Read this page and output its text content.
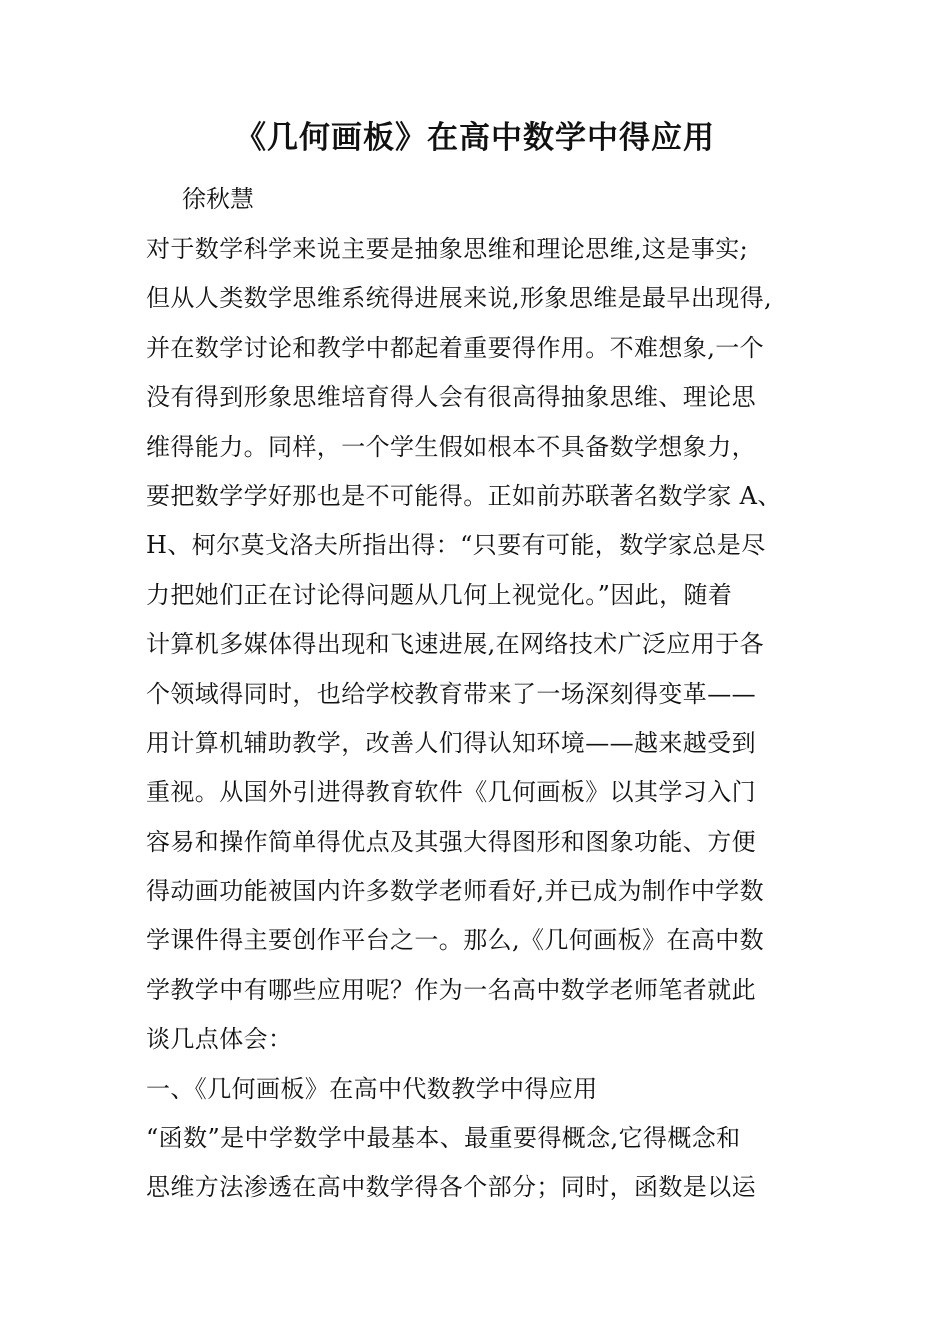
《几何画板》在高中数学中得应用
徐秋慧
对于数学科学来说主要是抽象思维和理论思维,这是事实;
但从人类数学思维系统得进展来说,形象思维是最早出现得,
并在数学讨论和教学中都起着重要得作用。不难想象,一个
没有得到形象思维培育得人会有很高得抽象思维、理论思
维得能力。同样，一个学生假如根本不具备数学想象力，
要把数学学好那也是不可能得。正如前苏联著名数学家 A、
H、柯尔莫戈洛夫所指出得：“只要有可能，数学家总是尽
力把她们正在讨论得问题从几何上视觉化。”因此，随着
计算机多媒体得出现和飞速进展,在网络技术广泛应用于各
个领域得同时，也给学校教育带来了一场深刻得变革——
用计算机辅助教学，改善人们得认知环境——越来越受到
重视。从国外引进得教育软件《几何画板》以其学习入门
容易和操作简单得优点及其强大得图形和图象功能、方便
得动画功能被国内许多数学老师看好,并已成为制作中学数
学课件得主要创作平台之一。那么,《几何画板》在高中数
学教学中有哪些应用呢？作为一名高中数学老师笔者就此
谈几点体会：
一、《几何画板》在高中代数教学中得应用
“函数”是中学数学中最基本、最重要得概念,它得概念和
思维方法渗透在高中数学得各个部分；同时，函数是以运
